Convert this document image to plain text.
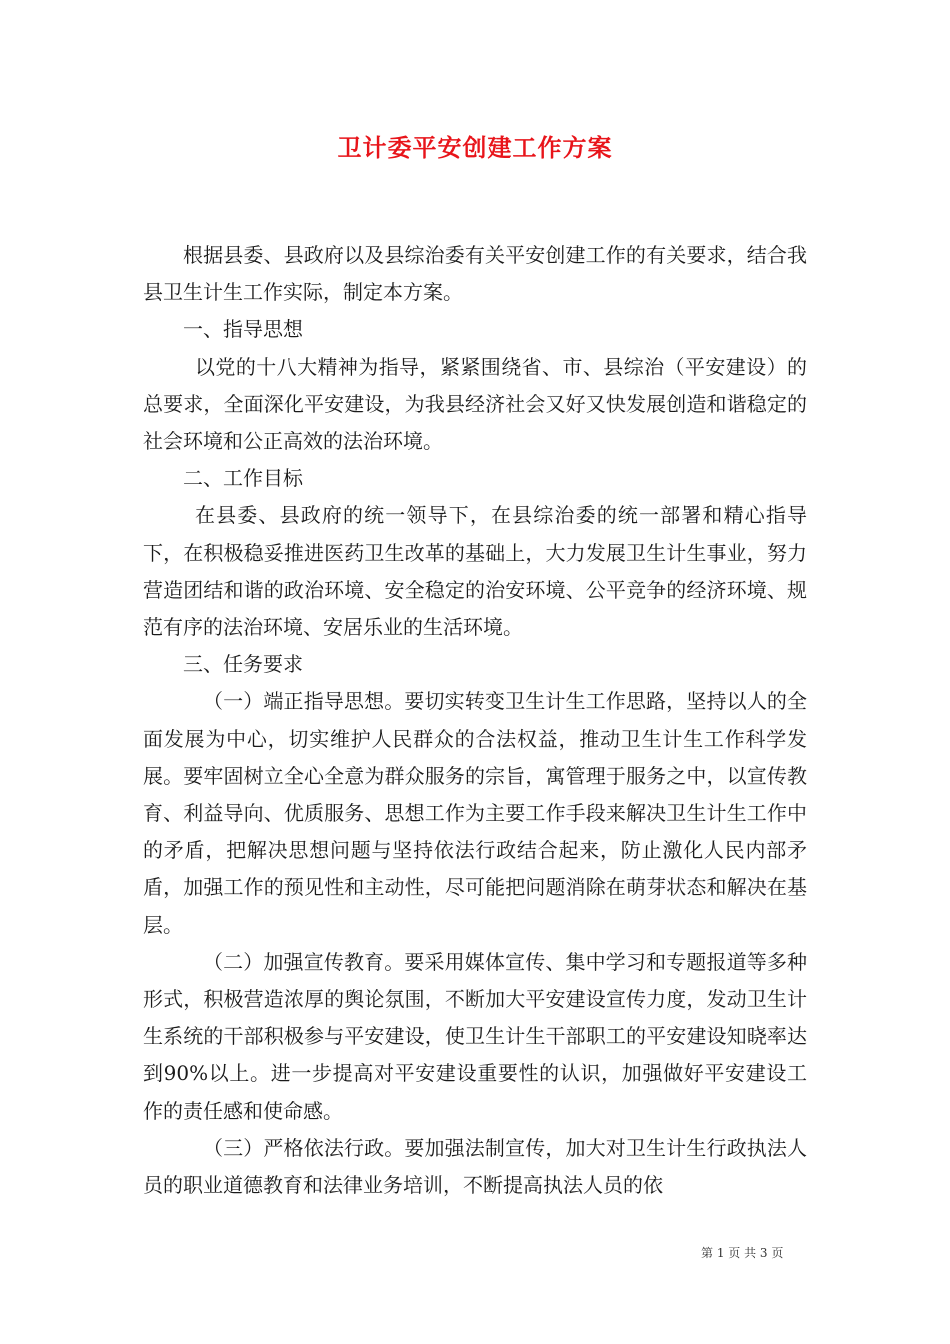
卫计委平安创建工作方案

根据县委、县政府以及县综治委有关平安创建工作的有关要求，结合我县卫生计生工作实际，制定本方案。

一、指导思想

以党的十八大精神为指导，紧紧围绕省、市、县综治（平安建设）的总要求，全面深化平安建设，为我县经济社会又好又快发展创造和谐稳定的社会环境和公正高效的法治环境。

二、工作目标

在县委、县政府的统一领导下，在县综治委的统一部署和精心指导下，在积极稳妥推进医药卫生改革的基础上，大力发展卫生计生事业，努力营造团结和谐的政治环境、安全稳定的治安环境、公平竞争的经济环境、规范有序的法治环境、安居乐业的生活环境。

三、任务要求

（一）端正指导思想。要切实转变卫生计生工作思路，坚持以人的全面发展为中心，切实维护人民群众的合法权益，推动卫生计生工作科学发展。要牢固树立全心全意为群众服务的宗旨，寓管理于服务之中，以宣传教育、利益导向、优质服务、思想工作为主要工作手段来解决卫生计生工作中的矛盾，把解决思想问题与坚持依法行政结合起来，防止激化人民内部矛盾，加强工作的预见性和主动性，尽可能把问题消除在萌芽状态和解决在基层。

（二）加强宣传教育。要采用媒体宣传、集中学习和专题报道等多种形式，积极营造浓厚的舆论氛围，不断加大平安建设宣传力度，发动卫生计生系统的干部积极参与平安建设，使卫生计生干部职工的平安建设知晓率达到90%以上。进一步提高对平安建设重要性的认识，加强做好平安建设工作的责任感和使命感。

（三）严格依法行政。要加强法制宣传，加大对卫生计生行政执法人员的职业道德教育和法律业务培训，不断提高执法人员的依

第 1 页 共 3 页
